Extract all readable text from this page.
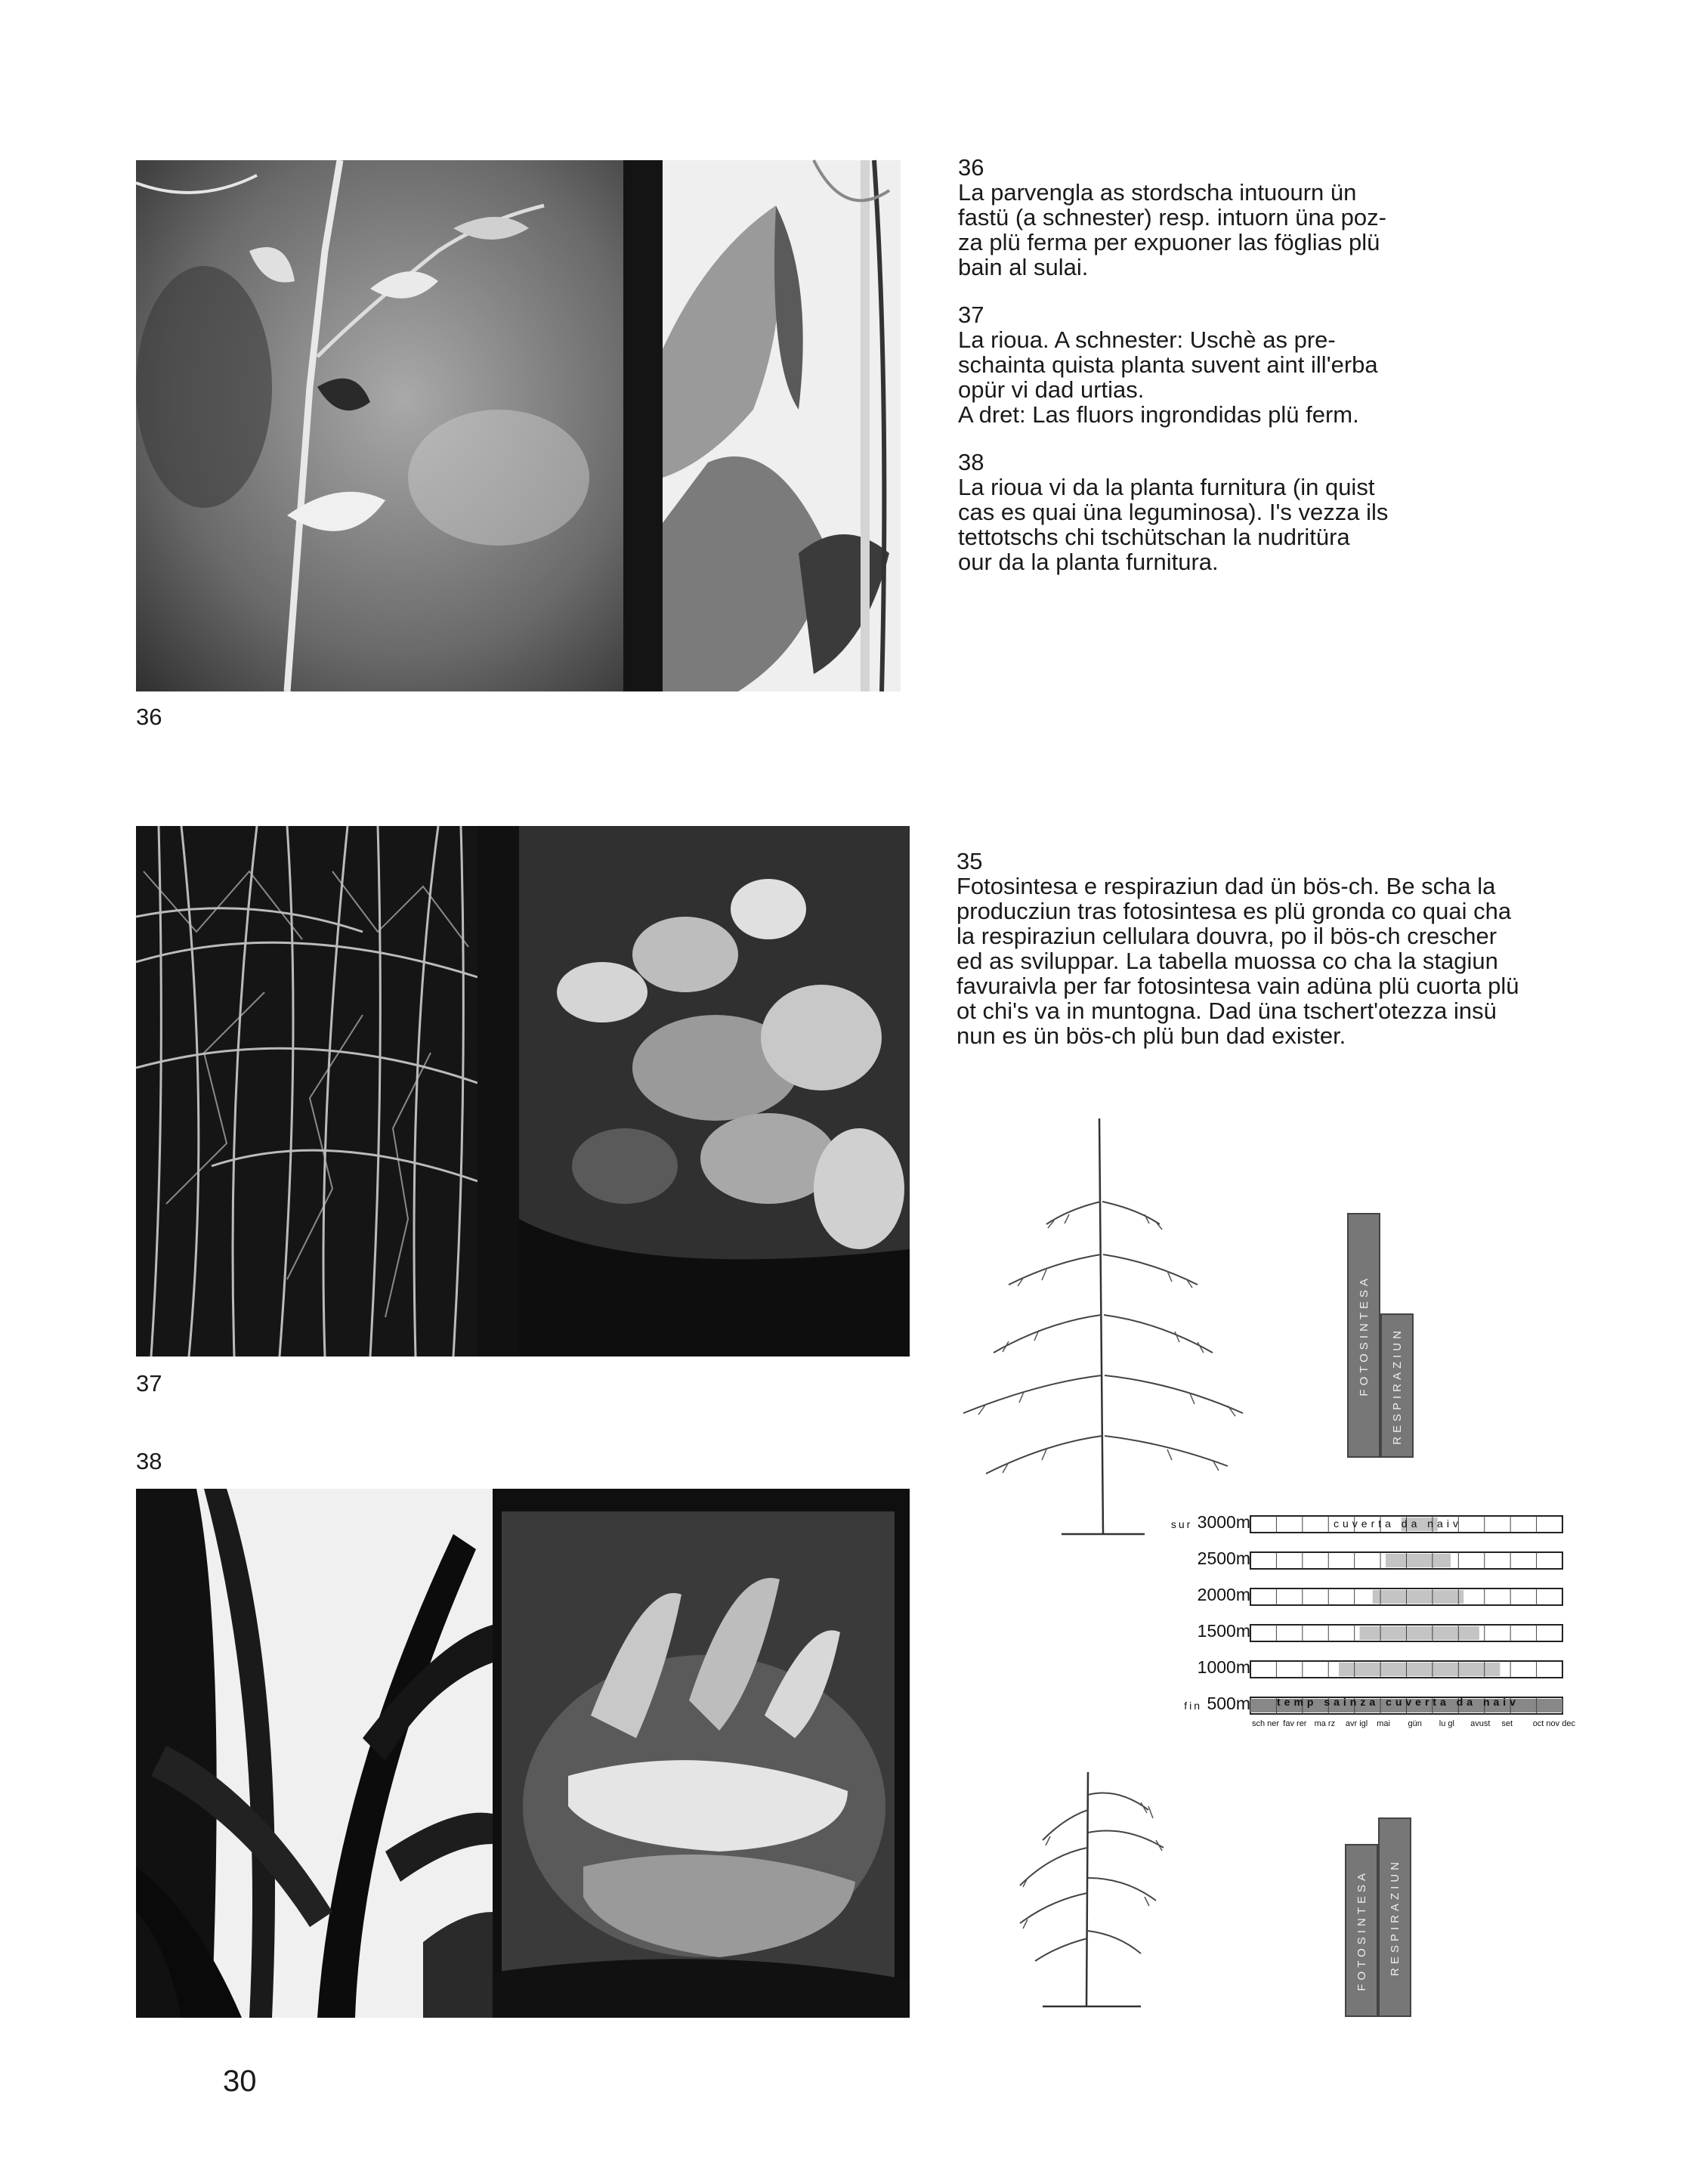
36
La parvengla as stordscha intuourn ün
fastü (a schnester) resp. intuorn üna poz-
za plü ferma per expuoner las föglias plü
bain al sulai.

37
La rioua. A schnester: Uschè as pre-
schainta quista planta suvent aint ill'erba
opür vi dad urtias.
A dret: Las fluors ingrondidas plü ferm.

38
La rioua vi da la planta furnitura (in quist
cas es quai üna leguminosa). I's vezza ils
tettotschs chi tschütschan la nudritüra
our da la planta furnitura.

36
35
Fotosintesa e respiraziun dad ün bös-ch. Be scha la
producziun tras fotosintesa es plü gronda co quai cha
la respiraziun cellulara douvra, po il bös-ch crescher
ed as sviluppar. La tabella muossa co cha la stagiun
favuraivla per far fotosintesa vain adüna plü cuorta plü
ot chi's va in muntogna. Dad üna tschert'otezza insü
nun es ün bös-ch plü bun dad exister.
FOTOSINTESA RESPIRAZIUN
sur 3000m
2500m
2000m
1500m
1000m
fin 500m
sch ner fav rer ma rz avr igl mai gün lu gl avust set oct nov dec
cuverta da naiv
temp sainza cuverta da naiv
FOTOSINTESA RESPIRAZIUN
37
38
30
